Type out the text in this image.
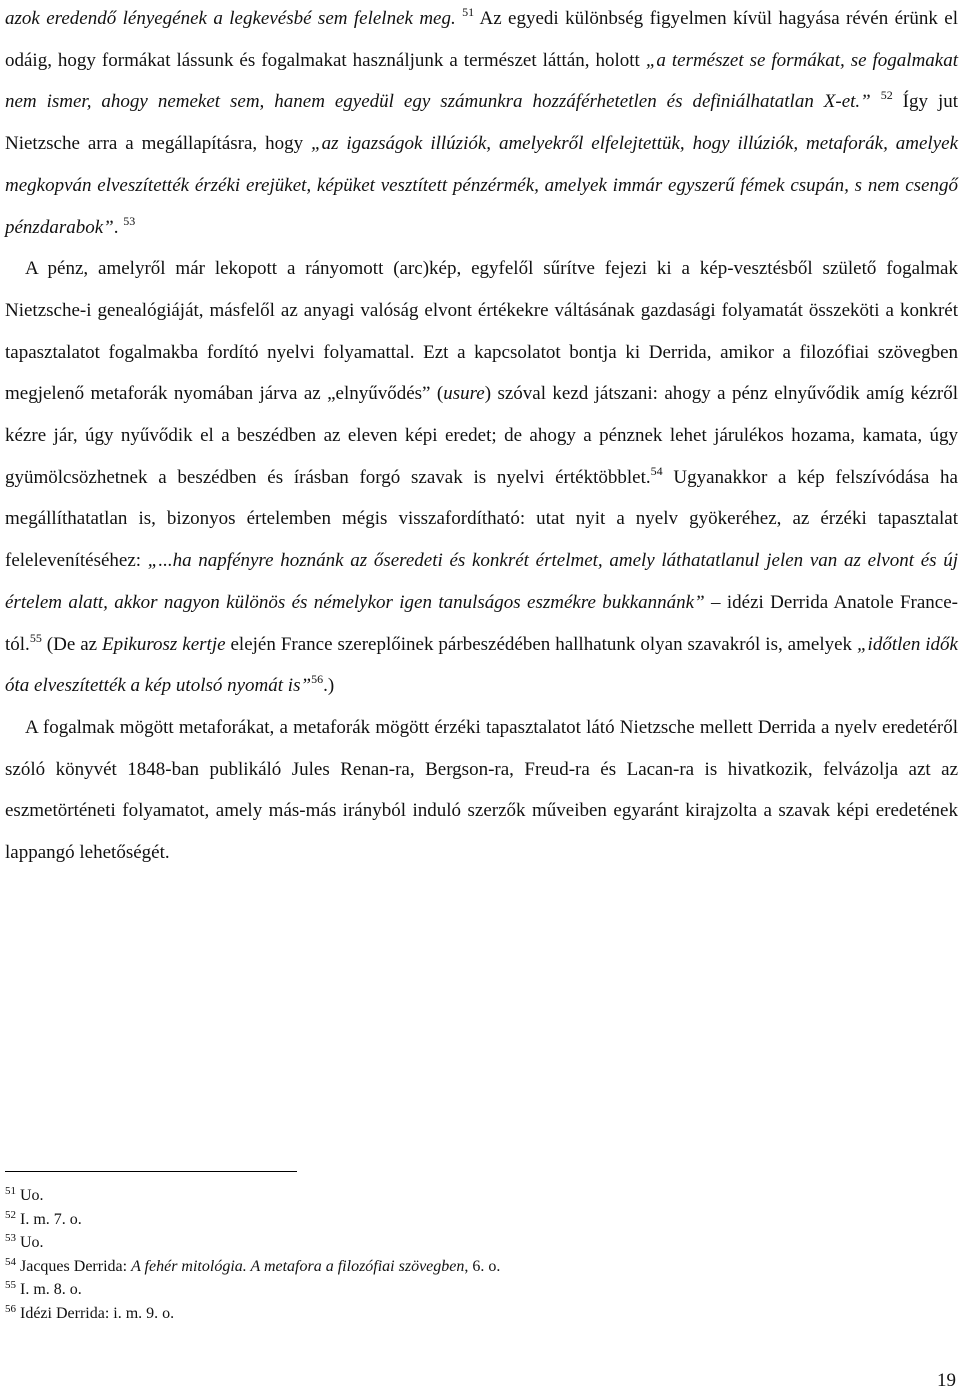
azok eredendő lényegének a legkevésbé sem felelnek meg. $^{51}$ Az egyedi különbség figyelmen kívül hagyása révén érünk el odáig, hogy formákat lássunk és fogalmakat használjunk a természet láttán, holott „a természet se formákat, se fogalmakat nem ismer, ahogy nemeket sem, hanem egyedül egy számunkra hozzáférhetetlen és definiálhatatlan X-et.” $^{52}$ Így jut Nietzsche arra a megállapításra, hogy „az igazságok illúziók, amelyekről elfelejtettük, hogy illúziók, metaforák, amelyek megkopván elveszítették érzéki erejüket, képüket vesztített pénzérmék, amelyek immár egyszerű fémek csupán, s nem csengő pénzdarabok”. $^{53}$

A pénz, amelyről már lekopott a rányomott (arc)kép, egyfelől sűrítve fejezi ki a kép-vesztésből születő fogalmak Nietzsche-i genealógiáját, másfelől az anyagi valóság elvont értékekre váltásának gazdasági folyamatát összeköti a konkrét tapasztalatot fogalmakba fordító nyelvi folyamattal. Ezt a kapcsolatot bontja ki Derrida, amikor a filozófiai szövegben megjelenő metaforák nyomában járva az „elnyűvődés” (usure) szóval kezd játszani: ahogy a pénz elnyűvődik amíg kézről kézre jár, úgy nyűvődik el a beszédben az eleven képi eredet; de ahogy a pénznek lehet járulékos hozama, kamata, úgy gyümölcsözhetnek a beszédben és írásban forgó szavak is nyelvi értéktöbblet.$^{54}$ Ugyanakkor a kép felszívódása ha megállíthatatlan is, bizonyos értelemben mégis visszafordítható: utat nyit a nyelv gyökeréhez, az érzéki tapasztalat felelevenítéséhez: „...ha napfényre hoznánk az őseredeti és konkrét értelmet, amely láthatatlanul jelen van az elvont és új értelem alatt, akkor nagyon különös és némelykor igen tanulságos eszmékre bukkannánk” – idézi Derrida Anatole France-tól.$^{55}$ (De az Epikurosz kertje elején France szereplőinek párbeszédében hallhatunk olyan szavakról is, amelyek „időtlen idők óta elveszítették a kép utolsó nyomát is”$^{56}$.)

A fogalmak mögött metaforákat, a metaforák mögött érzéki tapasztalatot látó Nietzsche mellett Derrida a nyelv eredetéről szóló könyvét 1848-ban publikáló Jules Renan-ra, Bergson-ra, Freud-ra és Lacan-ra is hivatkozik, felvázolja azt az eszmetörténeti folyamatot, amely más-más irányból induló szerzők műveiben egyaránt kirajzolta a szavak képi eredetének lappangó lehetőségét.

$^{51}$ Uo.
$^{52}$ I. m. 7. o.
$^{53}$ Uo.
$^{54}$ Jacques Derrida: A fehér mitológia. A metafora a filozófiai szövegben, 6. o.
$^{55}$ I. m. 8. o.
$^{56}$ Idézi Derrida: i. m. 9. o.
19
